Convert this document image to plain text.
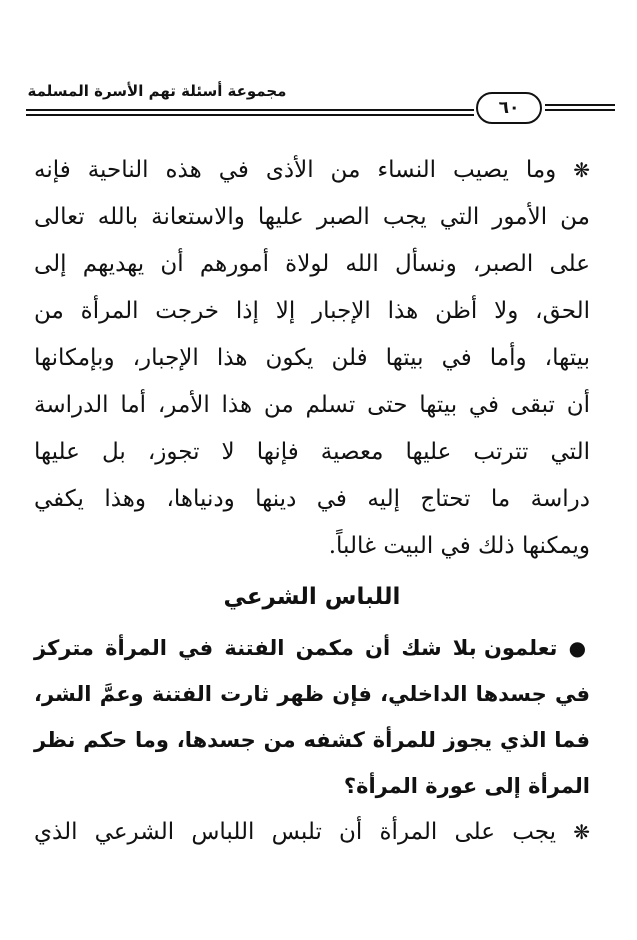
مجموعة أسئلة تهم الأسرة المسلمة
٦٠
❋ وما يصيب النساء من الأذى في هذه الناحية فإنه
من الأمور التي يجب الصبر عليها والاستعانة بالله تعالى
على الصبر، ونسأل الله لولاة أمورهم أن يهديهم إلى
الحق، ولا أظن هذا الإجبار إلا إذا خرجت المرأة من
بيتها، وأما في بيتها فلن يكون هذا الإجبار، وبإمكانها
أن تبقى في بيتها حتى تسلم من هذا الأمر، أما الدراسة
التي تترتب عليها معصية فإنها لا تجوز، بل عليها
دراسة ما تحتاج إليه في دينها ودنياها، وهذا يكفي
ويمكنها ذلك في البيت غالباً.
اللباس الشرعي
● تعلمون بلا شك أن مكمن الفتنة في المرأة متركز
في جسدها الداخلي، فإن ظهر ثارت الفتنة وعمَّ الشر،
فما الذي يجوز للمرأة كشفه من جسدها، وما حكم نظر
المرأة إلى عورة المرأة؟
❋ يجب على المرأة أن تلبس اللباس الشرعي الذي
